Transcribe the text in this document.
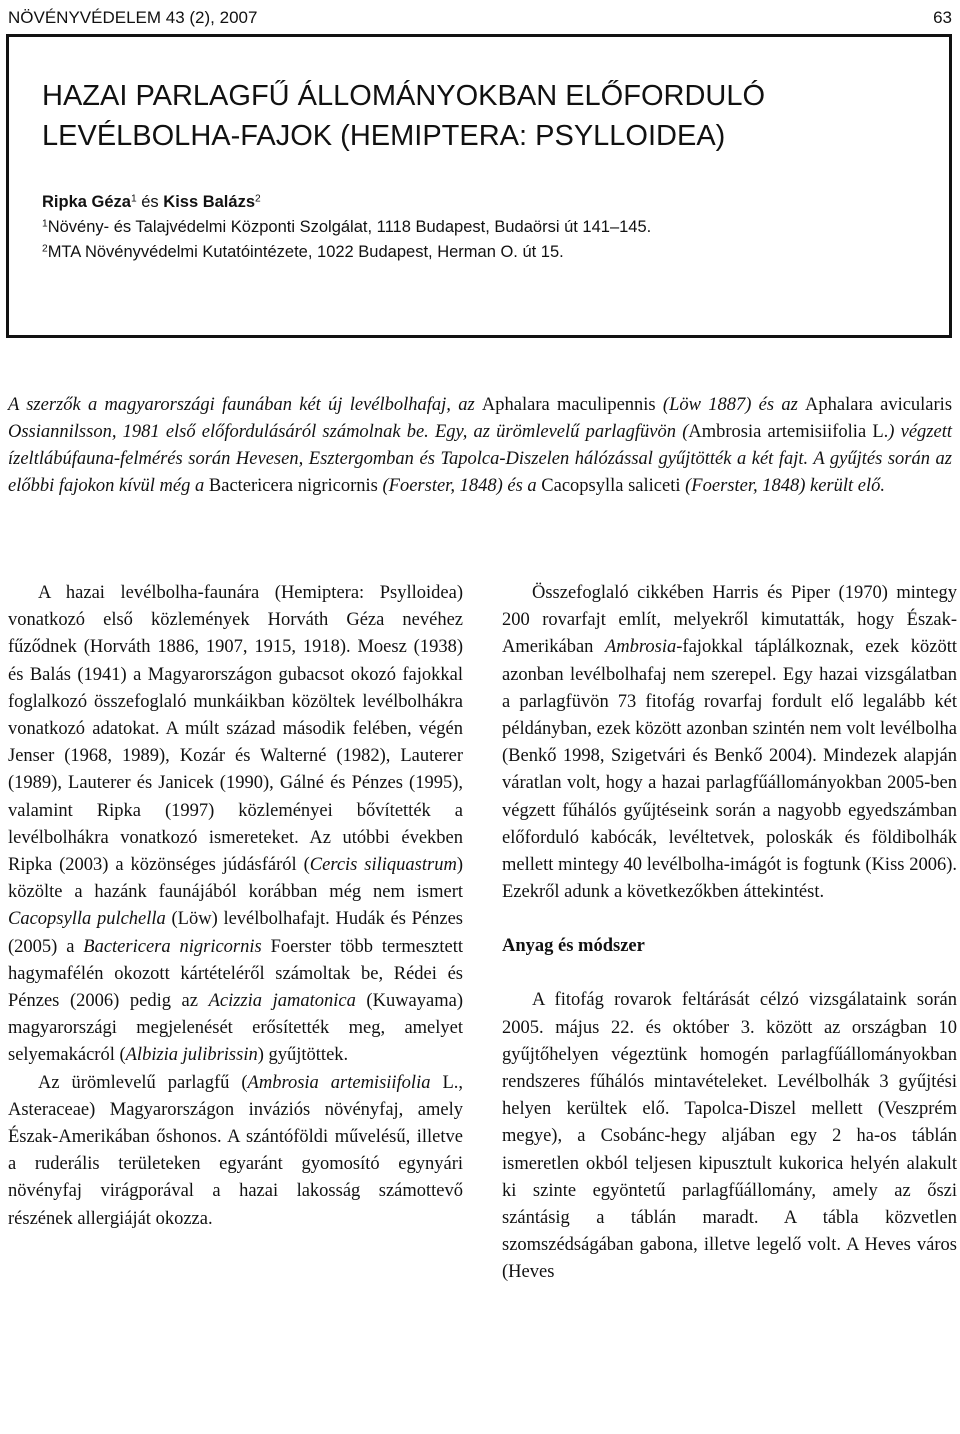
NÖVÉNYVÉDELEM 43 (2), 2007	63
HAZAI PARLAGFŰ ÁLLOMÁNYOKBAN ELŐFORDULÓ
LEVÉLBOLHA-FAJOK (HEMIPTERA: PSYLLOIDEA)
Ripka Géza$^1$ és Kiss Balázs$^2$
$^1$Növény- és Talajvédelmi Központi Szolgálat, 1118 Budapest, Budaörsi út 141–145.
$^2$MTA Növényvédelmi Kutatóintézete, 1022 Budapest, Herman O. út 15.
A szerzők a magyarországi faunában két új levélbolhafaj, az Aphalara maculipennis (Löw 1887) és az Aphalara avicularis Ossiannilsson, 1981 első előfordulásáról számolnak be. Egy, az ürömlevelű parlagfüvön (Ambrosia artemisiifolia L.) végzett ízeltlábúfauna-felmérés során Hevesen, Esztergomban és Tapolca-Diszelen hálózással gyűjtötték a két fajt. A gyűjtés során az előbbi fajokon kívül még a Bactericera nigricornis (Foerster, 1848) és a Cacopsylla saliceti (Foerster, 1848) került elő.

A hazai levélbolha-faunára (Hemiptera: Psylloidea) vonatkozó első közlemények Horváth Géza nevéhez fűződnek (Horváth 1886, 1907, 1915, 1918). Moesz (1938) és Balás (1941) a Magyarországon gubacsot okozó fajokkal foglalkozó összefoglaló munkáikban közöltek levélbolhákra vonatkozó adatokat. A múlt század második felében, végén Jenser (1968, 1989), Kozár és Walterné (1982), Lauterer (1989), Lauterer és Janicek (1990), Gálné és Pénzes (1995), valamint Ripka (1997) közleményei bővítették a levélbolhákra vonatkozó ismereteket. Az utóbbi években Ripka (2003) a közönséges júdásfáról (Cercis siliquastrum) közölte a hazánk faunájából korábban még nem ismert Cacopsylla pulchella (Löw) levélbolhafajt. Hudák és Pénzes (2005) a Bactericera nigricornis Foerster több termesztett hagymafélén okozott kártételéről számoltak be, Rédei és Pénzes (2006) pedig az Acizzia jamatonica (Kuwayama) magyarországi megjelenését erősítették meg, amelyet selyemakácról (Albizia julibrissin) gyűjtöttek.

Az ürömlevelű parlagfű (Ambrosia artemisiifolia L., Asteraceae) Magyarországon inváziós növényfaj, amely Észak-Amerikában őshonos. A szántóföldi művelésű, illetve a ruderális területeken egyaránt gyomosító egynyári növényfaj virágporával a hazai lakosság számottevő részének allergiáját okozza.

Összefoglaló cikkében Harris és Piper (1970) mintegy 200 rovarfajt említ, melyekről kimutatták, hogy Észak-Amerikában Ambrosia-fajokkal táplálkoznak, ezek között azonban levélbolhafaj nem szerepel. Egy hazai vizsgálatban a parlagfüvön 73 fitofág rovarfaj fordult elő legalább két példányban, ezek között azonban szintén nem volt levélbolha (Benkő 1998, Szigetvári és Benkő 2004). Mindezek alapján váratlan volt, hogy a hazai parlagfűállományokban 2005-ben végzett fűhálós gyűjtéseink során a nagyobb egyedszámban előforduló kabócák, levéltetvek, poloskák és földibolhák mellett mintegy 40 levélbolha-imágót is fogtunk (Kiss 2006). Ezekről adunk a következőkben áttekintést.

Anyag és módszer

A fitofág rovarok feltárását célzó vizsgálataink során 2005. május 22. és október 3. között az országban 10 gyűjtőhelyen végeztünk homogén parlagfűállományokban rendszeres fűhálós mintavételeket. Levélbolhák 3 gyűjtési helyen kerültek elő. Tapolca-Diszel mellett (Veszprém megye), a Csobánc-hegy aljában egy 2 ha-os táblán ismeretlen okból teljesen kipusztult kukorica helyén alakult ki szinte egyöntetű parlagfűállomány, amely az őszi szántásig a táblán maradt. A tábla közvetlen szomszédságában gabona, illetve legelő volt. A Heves város (Heves
